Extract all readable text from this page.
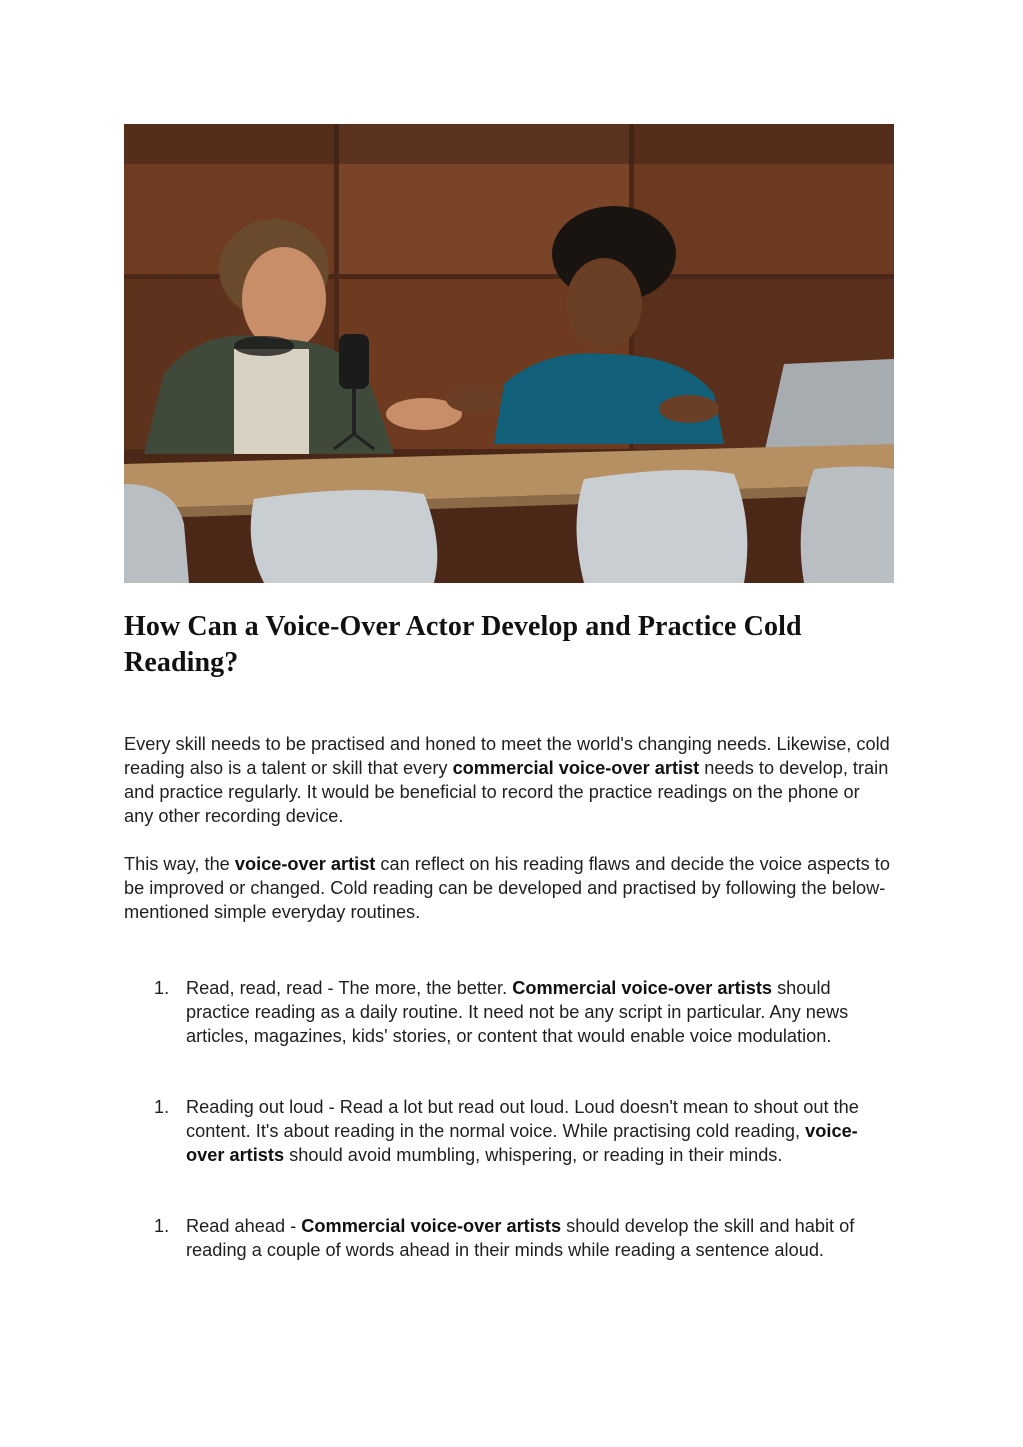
How Can a Voice-Over Actor Develop and Practice Cold Reading?

Every skill needs to be practised and honed to meet the world's changing needs. Likewise, cold reading also is a talent or skill that every commercial voice-over artist needs to develop, train and practice regularly. It would be beneficial to record the practice readings on the phone or any other recording device.

This way, the voice-over artist can reflect on his reading flaws and decide the voice aspects to be improved or changed. Cold reading can be developed and practised by following the below-mentioned simple everyday routines.

1. Read, read, read - The more, the better. Commercial voice-over artists should practice reading as a daily routine. It need not be any script in particular. Any news articles, magazines, kids' stories, or content that would enable voice modulation.
1. Reading out loud - Read a lot but read out loud. Loud doesn't mean to shout out the content. It's about reading in the normal voice. While practising cold reading, voice-over artists should avoid mumbling, whispering, or reading in their minds.
1. Read ahead - Commercial voice-over artists should develop the skill and habit of reading a couple of words ahead in their minds while reading a sentence aloud.
